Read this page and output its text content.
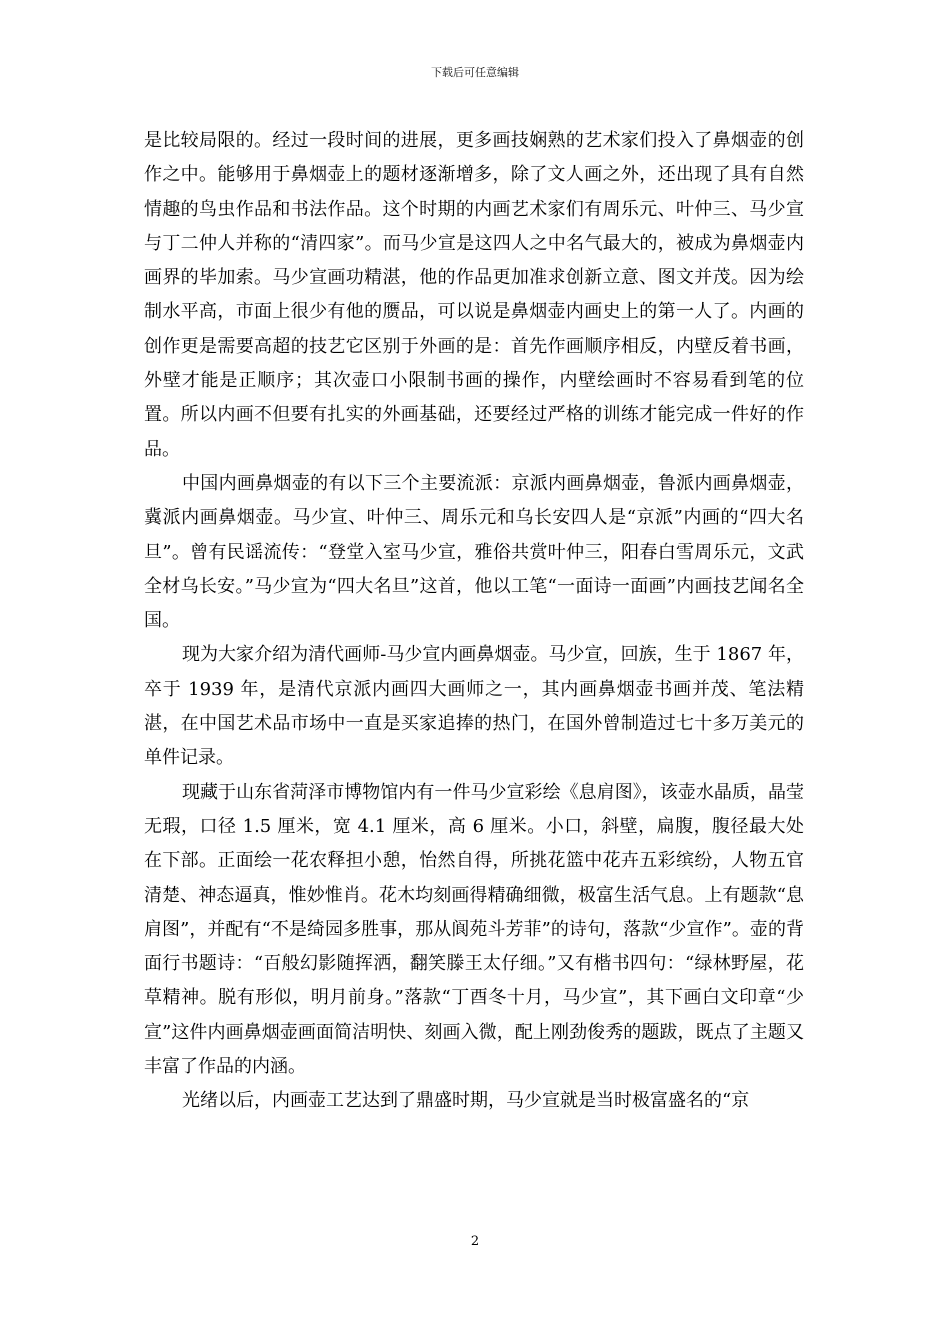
下载后可任意编辑

是比较局限的。经过一段时间的进展，更多画技娴熟的艺术家们投入了鼻烟壶的创作之中。能够用于鼻烟壶上的题材逐渐增多，除了文人画之外，还出现了具有自然情趣的鸟虫作品和书法作品。这个时期的内画艺术家们有周乐元、叶仲三、马少宣与丁二仲人并称的“清四家”。而马少宣是这四人之中名气最大的，被成为鼻烟壶内画界的毕加索。马少宣画功精湛，他的作品更加准求创新立意、图文并茂。因为绘制水平高，市面上很少有他的赝品，可以说是鼻烟壶内画史上的第一人了。内画的创作更是需要高超的技艺它区别于外画的是：首先作画顺序相反，内壁反着书画，外壁才能是正顺序；其次壶口小限制书画的操作，内壁绘画时不容易看到笔的位置。所以内画不但要有扎实的外画基础，还要经过严格的训练才能完成一件好的作品。

中国内画鼻烟壶的有以下三个主要流派：京派内画鼻烟壶，鲁派内画鼻烟壶，冀派内画鼻烟壶。马少宣、叶仲三、周乐元和乌长安四人是“京派”内画的“四大名旦”。曾有民谣流传：“登堂入室马少宣，雅俗共赏叶仲三，阳春白雪周乐元，文武全材乌长安。”马少宣为“四大名旦”这首，他以工笔“一面诗一面画”内画技艺闻名全国。

现为大家介绍为清代画师-马少宣内画鼻烟壶。马少宣，回族，生于 1867 年，卒于 1939 年，是清代京派内画四大画师之一，其内画鼻烟壶书画并茂、笔法精湛，在中国艺术品市场中一直是买家追捧的热门，在国外曾制造过七十多万美元的单件记录。

现藏于山东省菏泽市博物馆内有一件马少宣彩绘《息肩图》，该壶水晶质，晶莹无瑕，口径 1.5 厘米，宽 4.1 厘米，高 6 厘米。小口，斜壁，扁腹，腹径最大处在下部。正面绘一花农释担小憩，怡然自得，所挑花篮中花卉五彩缤纷，人物五官清楚、神态逼真，惟妙惟肖。花木均刻画得精确细微，极富生活气息。上有题款“息肩图”，并配有“不是绮园多胜事，那从阆苑斗芳菲”的诗句，落款“少宣作”。壶的背面行书题诗：“百般幻影随挥洒，翻笑滕王太仔细。”又有楷书四句：“绿林野屋，花草精神。脱有形似，明月前身。”落款“丁酉冬十月，马少宣”，其下画白文印章“少宣”这件内画鼻烟壶画面简洁明快、刻画入微，配上刚劲俊秀的题跋，既点了主题又丰富了作品的内涵。

光绪以后，内画壶工艺达到了鼎盛时期，马少宣就是当时极富盛名的“京

2
